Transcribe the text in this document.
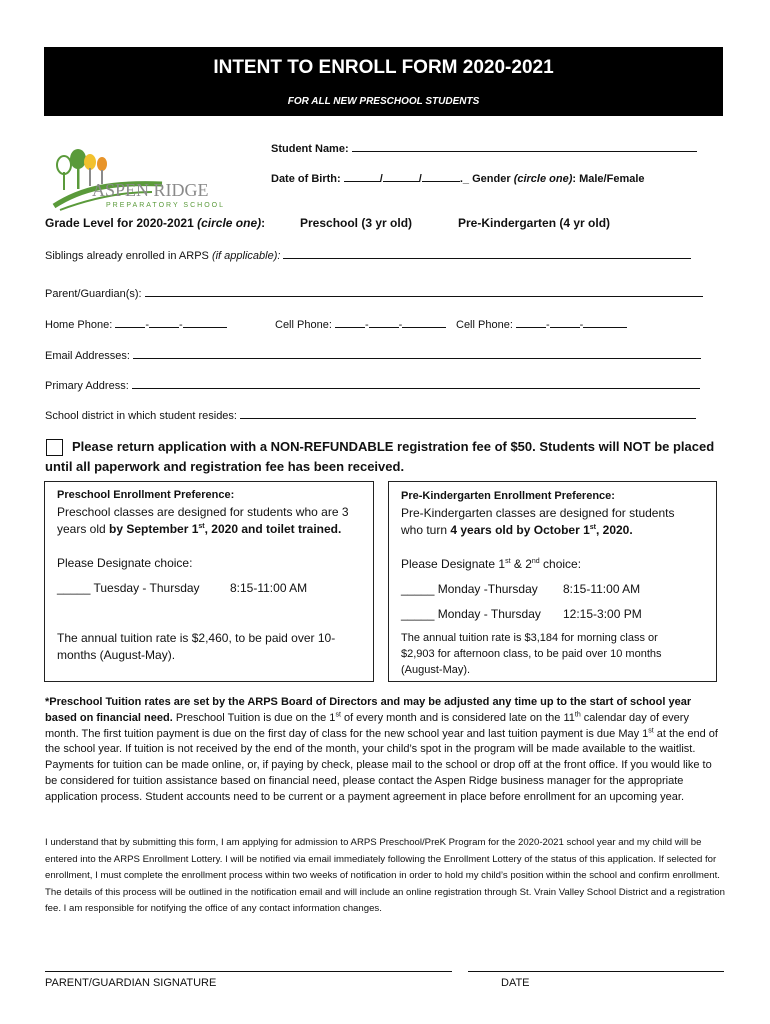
INTENT TO ENROLL FORM 2020-2021
FOR ALL NEW PRESCHOOL STUDENTS
ASPEN RIDGE
PREPARATORY SCHOOL
Student Name:
Date of Birth:	/	/	._ Gender (circle one): Male/Female
Grade Level for 2020-2021 (circle one):	Preschool (3 yr old)	Pre-Kindergarten (4 yr old)
Siblings already enrolled in ARPS (if applicable):
Parent/Guardian(s):
Home Phone:	-	-	Cell Phone:	-	-	Cell Phone:	-	-
Email Addresses:
Primary Address:
School district in which student resides:
Please return application with a NON-REFUNDABLE registration fee of $50. Students will NOT be placed
until all paperwork and registration fee has been received.
Preschool Enrollment Preference:
Preschool classes are designed for students who are 3
years old by September 1st, 2020 and toilet trained.
Please Designate choice:
_____ Tuesday - Thursday	8:15-11:00 AM
The annual tuition rate is $2,460, to be paid over 10-
months (August-May).
Pre-Kindergarten Enrollment Preference:
Pre-Kindergarten classes are designed for students
who turn 4 years old by October 1st, 2020.
Please Designate 1st & 2nd choice:
_____ Monday -Thursday 8:15-11:00 AM
_____ Monday - Thursday 12:15-3:00 PM
The annual tuition rate is $3,184 for morning class or
$2,903 for afternoon class, to be paid over 10 months
(August-May).

*Preschool Tuition rates are set by the ARPS Board of Directors and may be adjusted any time up to the start of school year based on financial need. Preschool Tuition is due on the 1st of every month and is considered late on the 11th calendar day of every month. The first tuition payment is due on the first day of class for the new school year and last tuition payment is due May 1st at the end of the school year. If tuition is not received by the end of the month, your child’s spot in the program will be made available to the waitlist. Payments for tuition can be made online, or, if paying by check, please mail to the school or drop off at the front office. If you would like to be considered for tuition assistance based on financial need, please contact the Aspen Ridge business manager for the appropriate application process. Student accounts need to be current or a payment agreement in place before enrollment for an upcoming year.

I understand that by submitting this form, I am applying for admission to ARPS Preschool/PreK Program for the 2020-2021 school year and my child will be entered into the ARPS Enrollment Lottery. I will be notified via email immediately following the Enrollment Lottery of the status of this application. If selected for enrollment, I must complete the enrollment process within two weeks of notification in order to hold my child’s position within the school and confirm enrollment. The details of this process will be outlined in the notification email and will include an online registration through St. Vrain Valley School District and a registration fee. I am responsible for notifying the office of any contact information changes.

PARENT/GUARDIAN SIGNATURE	DATE
